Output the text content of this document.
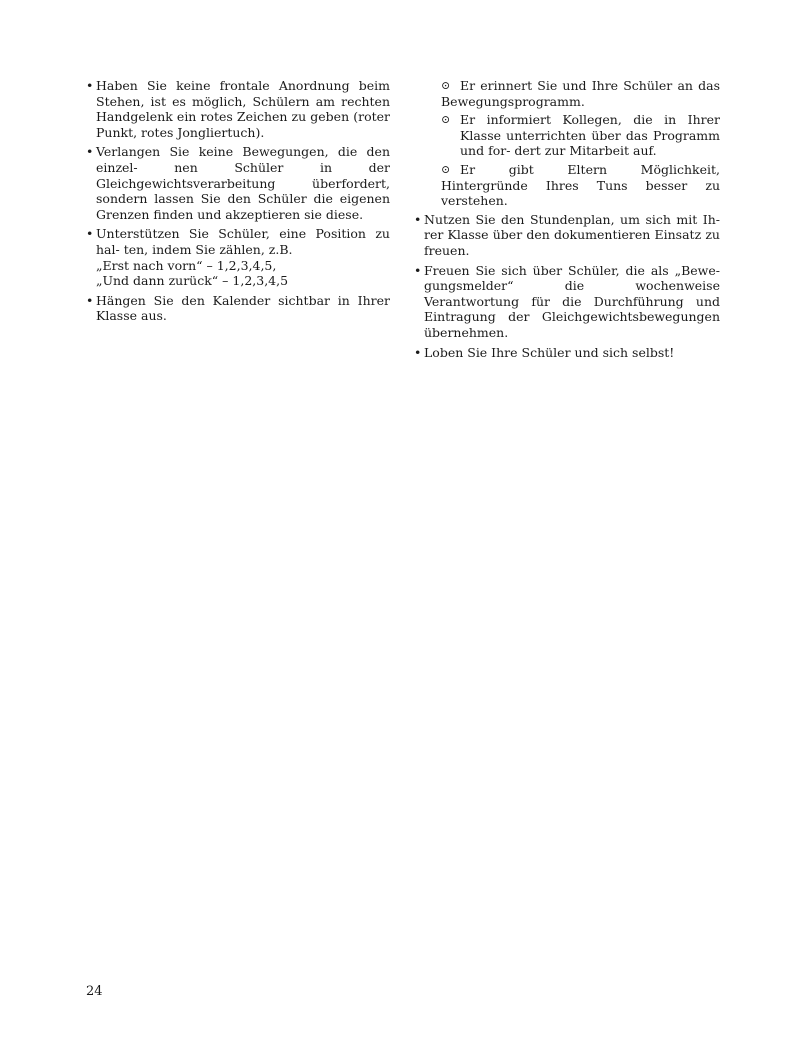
• Haben Sie keine frontale Anordnung beim Stehen, ist es möglich, Schülern am rechten Handgelenk ein rotes Zeichen zu geben (roter Punkt, rotes Jongliertuch).
• Verlangen Sie keine Bewegungen, die den einzel- nen Schüler in der Gleichgewichtsverarbeitung überfordert, sondern lassen Sie den Schüler die eigenen Grenzen finden und akzeptieren sie diese.
• Unterstützen Sie Schüler, eine Position zu hal- ten, indem Sie zählen, z.B.
„Erst nach vorn“ – 1,2,3,4,5,
„Und dann zurück“ – 1,2,3,4,5
• Hängen Sie den Kalender sichtbar in Ihrer Klasse aus.
⊙ Er erinnert Sie und Ihre Schüler an das Bewegungsprogramm.
⊙ Er informiert Kollegen, die in Ihrer Klasse unterrichten über das Programm und for- dert zur Mitarbeit auf.
⊙ Er gibt Eltern Möglichkeit, Hintergründe Ihres Tuns besser zu verstehen.
• Nutzen Sie den Stundenplan, um sich mit Ih- rer Klasse über den dokumentieren Einsatz zu freuen.
• Freuen Sie sich über Schüler, die als „Bewe- gungsmelder“ die wochenweise Verantwortung für die Durchführung und Eintragung der Gleichgewichtsbewegungen übernehmen.
• Loben Sie Ihre Schüler und sich selbst!
24
